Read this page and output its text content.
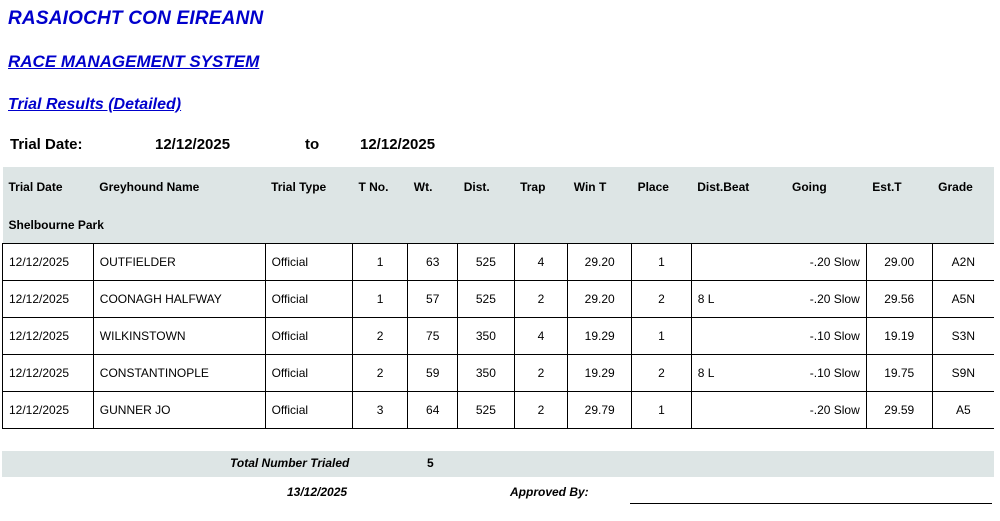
RASAIOCHT CON EIREANN
RACE MANAGEMENT SYSTEM
Trial Results (Detailed)
Trial Date:	12/12/2025	to	12/12/2025
Trial Date	Greyhound Name	Trial Type	T No.	Wt.	Dist.	Trap	Win T	Place	Dist.Beat	Going	Est.T	Grade
Shelbourne Park												
12/12/2025	OUTFIELDER	Official	1	63	525	4	29.20	1		-.20 Slow	29.00	A2N
12/12/2025	COONAGH HALFWAY	Official	1	57	525	2	29.20	2	8 L	-.20 Slow	29.56	A5N
12/12/2025	WILKINSTOWN	Official	2	75	350	4	19.29	1		-.10 Slow	19.19	S3N
12/12/2025	CONSTANTINOPLE	Official	2	59	350	2	19.29	2	8 L	-.10 Slow	19.75	S9N
12/12/2025	GUNNER JO	Official	3	64	525	2	29.79	1		-.20 Slow	29.59	A5
Total Number Trialed	5
13/12/2025	Approved By:
